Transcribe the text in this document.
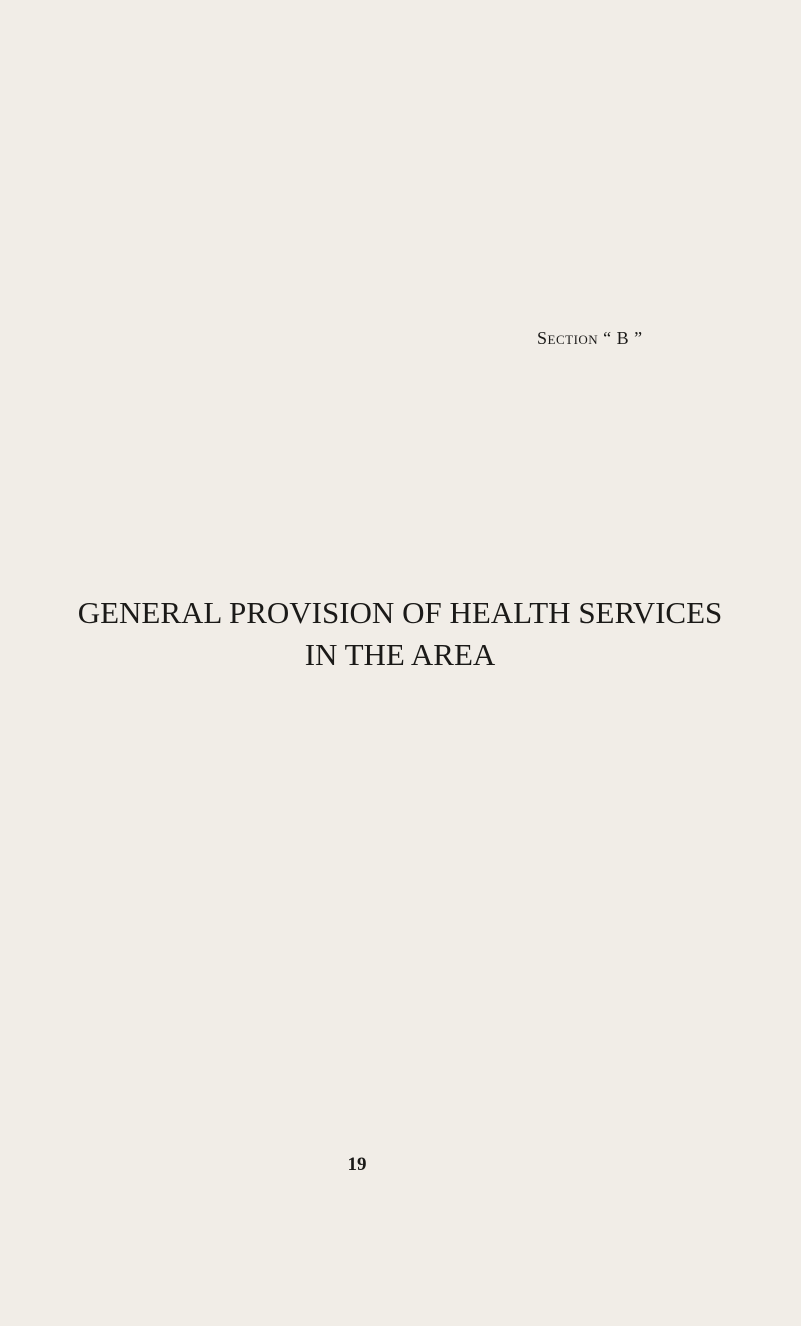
Section “ B ”
GENERAL PROVISION OF HEALTH SERVICES
IN THE AREA
19
